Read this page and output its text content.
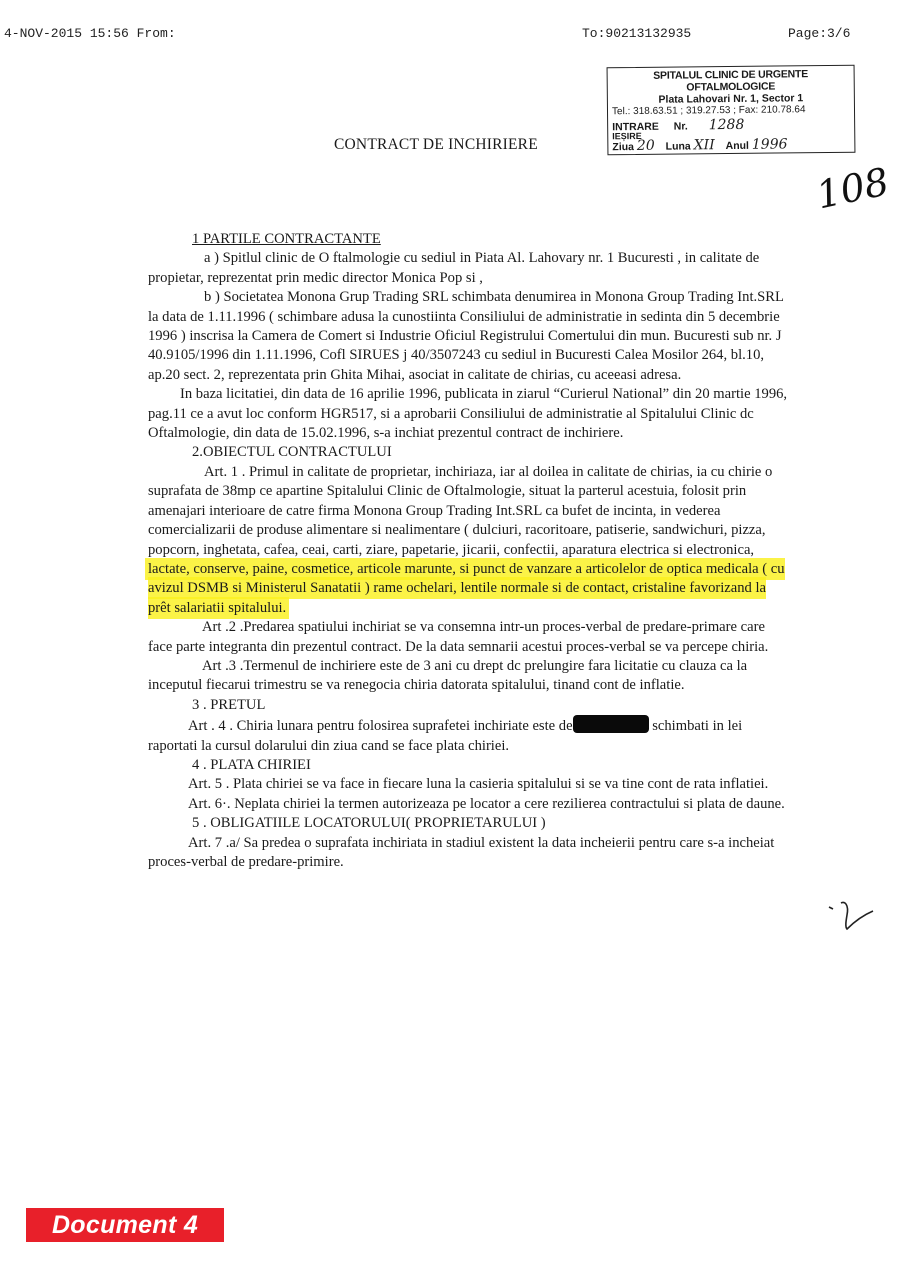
4-NOV-2015 15:56 From:	To:90213132935	Page:3/6
SPITALUL CLINIC DE URGENTE OFTALMOLOGICE
Plata Lahovari Nr. 1, Sector 1
Tel.: 318.63.51 ; 319.27.53 ; Fax: 210.78.64
INTRARE Nr. 1288
IEȘIRE
Ziua 20 Luna XII Anul 1996
CONTRACT DE INCHIRIERE
108
1

1 PARTILE CONTRACTANTE

a ) Spitlul clinic de O ftalmologie cu sediul in Piata Al. Lahovary nr. 1 Bucuresti , in calitate de propietar, reprezentat prin medic director Monica Pop si ,

b ) Societatea Monona Grup Trading SRL schimbata denumirea in Monona Group Trading Int.SRL la data de 1.11.1996 ( schimbare adusa la cunostiinta Consiliului de administratie in sedinta din 5 decembrie 1996 ) inscrisa la Camera de Comert si Industrie Oficiul Registrului Comertului din mun. Bucuresti sub nr. J 40.9105/1996 din 1.11.1996, Cofl SIRUES j 40/3507243 cu sediul in Bucuresti Calea Mosilor 264, bl.10, ap.20 sect. 2, reprezentata prin Ghita Mihai, asociat in calitate de chirias, cu aceeasi adresa.

In baza licitatiei, din data de 16 aprilie 1996, publicata in ziarul “Curierul National” din 20 martie 1996, pag.11 ce a avut loc conform HGR517, si a aprobarii Consiliului de administratie al Spitalului Clinic dc Oftalmologie, din data de 15.02.1996, s-a inchiat prezentul contract de inchiriere.

2.OBIECTUL CONTRACTULUI

Art. 1 . Primul in calitate de proprietar, inchiriaza, iar al doilea in calitate de chirias, ia cu chirie o suprafata de 38mp ce apartine Spitalului Clinic de Oftalmologie, situat la parterul acestuia, folosit prin amenajari interioare de catre firma Monona Group Trading Int.SRL ca bufet de incinta, in vederea comercializarii de produse alimentare si nealimentare ( dulciuri, racoritoare, patiserie, sandwichuri, pizza, popcorn, inghetata, cafea, ceai, carti, ziare, papetarie, jicarii, confectii, aparatura electrica si electronica, lactate, conserve, paine, cosmetice, articole marunte, si punct de vanzare a articolelor de optica medicala ( cu avizul DSMB si Ministerul Sanatatii ) rame ochelari, lentile normale si de contact, cristaline favorizand la prêt salariatii spitalului.

Art .2 .Predarea spatiului inchiriat se va consemna intr-un proces-verbal de predare-primare care face parte integranta din prezentul contract. De la data semnarii acestui proces-verbal se va percepe chiria.

Art .3 .Termenul de inchiriere este de 3 ani cu drept dc prelungire fara licitatie cu clauza ca la inceputul fiecarui trimestru se va renegocia chiria datorata spitalului, tinand cont de inflatie.

3 . PRETUL

Art . 4 . Chiria lunara pentru folosirea suprafetei inchiriate este de	schimbati in lei raportati la cursul dolarului din ziua cand se face plata chiriei.

4 . PLATA CHIRIEI

Art. 5 . Plata chiriei se va face in fiecare luna la casieria spitalului si se va tine cont de rata inflatiei.

Art. 6·. Neplata chiriei la termen autorizeaza pe locator a cere rezilierea contractului si plata de daune.

5 . OBLIGATIILE LOCATORULUI( PROPRIETARULUI )

Art. 7 .a/ Sa predea o suprafata inchiriata in stadiul existent la data incheierii pentru care s-a incheiat proces-verbal de predare-primire.

Document 4
